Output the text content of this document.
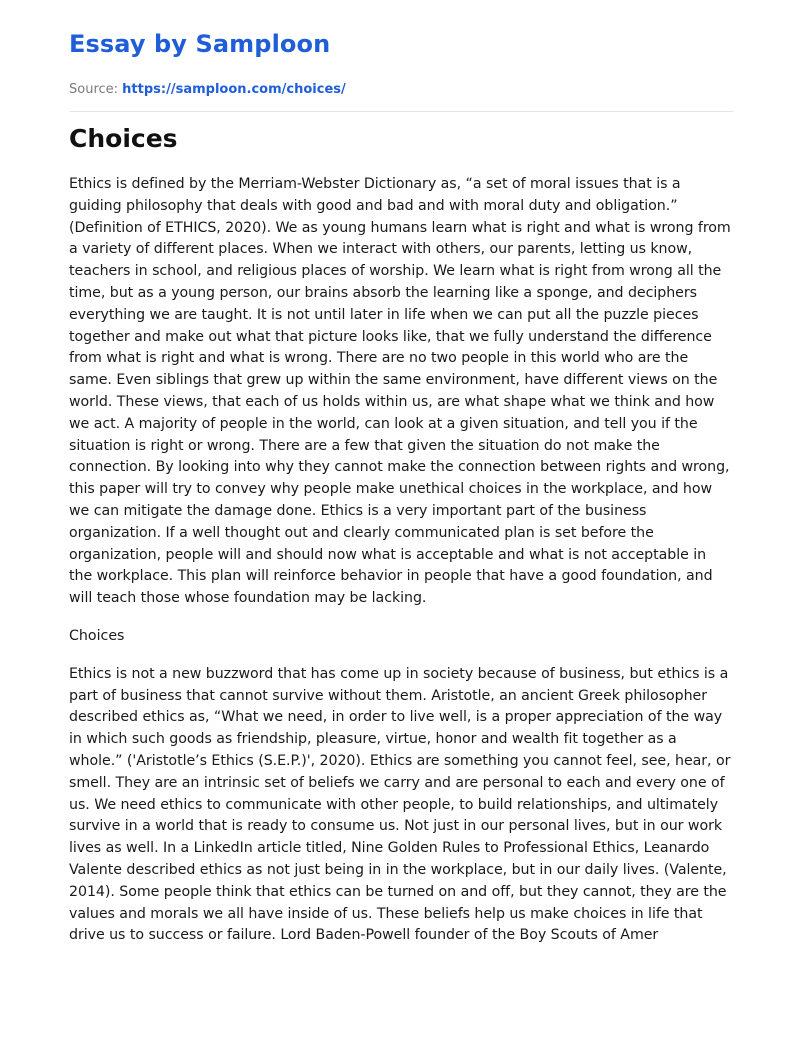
Essay by Samploon
Source: https://samploon.com/choices/
Choices

Ethics is defined by the Merriam-Webster Dictionary as, “a set of moral issues that is a guiding philosophy that deals with good and bad and with moral duty and obligation.” (Definition of ETHICS, 2020). We as young humans learn what is right and what is wrong from a variety of different places. When we interact with others, our parents, letting us know, teachers in school, and religious places of worship. We learn what is right from wrong all the time, but as a young person, our brains absorb the learning like a sponge, and deciphers everything we are taught. It is not until later in life when we can put all the puzzle pieces together and make out what that picture looks like, that we fully understand the difference from what is right and what is wrong. There are no two people in this world who are the same. Even siblings that grew up within the same environment, have different views on the world. These views, that each of us holds within us, are what shape what we think and how we act. A majority of people in the world, can look at a given situation, and tell you if the situation is right or wrong. There are a few that given the situation do not make the connection. By looking into why they cannot make the connection between rights and wrong, this paper will try to convey why people make unethical choices in the workplace, and how we can mitigate the damage done. Ethics is a very important part of the business organization. If a well thought out and clearly communicated plan is set before the organization, people will and should now what is acceptable and what is not acceptable in the workplace. This plan will reinforce behavior in people that have a good foundation, and will teach those whose foundation may be lacking.

Choices

Ethics is not a new buzzword that has come up in society because of business, but ethics is a part of business that cannot survive without them. Aristotle, an ancient Greek philosopher described ethics as, “What we need, in order to live well, is a proper appreciation of the way in which such goods as friendship, pleasure, virtue, honor and wealth fit together as a whole.” ('Aristotle’s Ethics (S.E.P.)', 2020). Ethics are something you cannot feel, see, hear, or smell. They are an intrinsic set of beliefs we carry and are personal to each and every one of us. We need ethics to communicate with other people, to build relationships, and ultimately survive in a world that is ready to consume us. Not just in our personal lives, but in our work lives as well. In a LinkedIn article titled, Nine Golden Rules to Professional Ethics, Leanardo Valente described ethics as not just being in in the workplace, but in our daily lives. (Valente, 2014). Some people think that ethics can be turned on and off, but they cannot, they are the values and morals we all have inside of us. These beliefs help us make choices in life that drive us to success or failure. Lord Baden-Powell founder of the Boy Scouts of Amer
